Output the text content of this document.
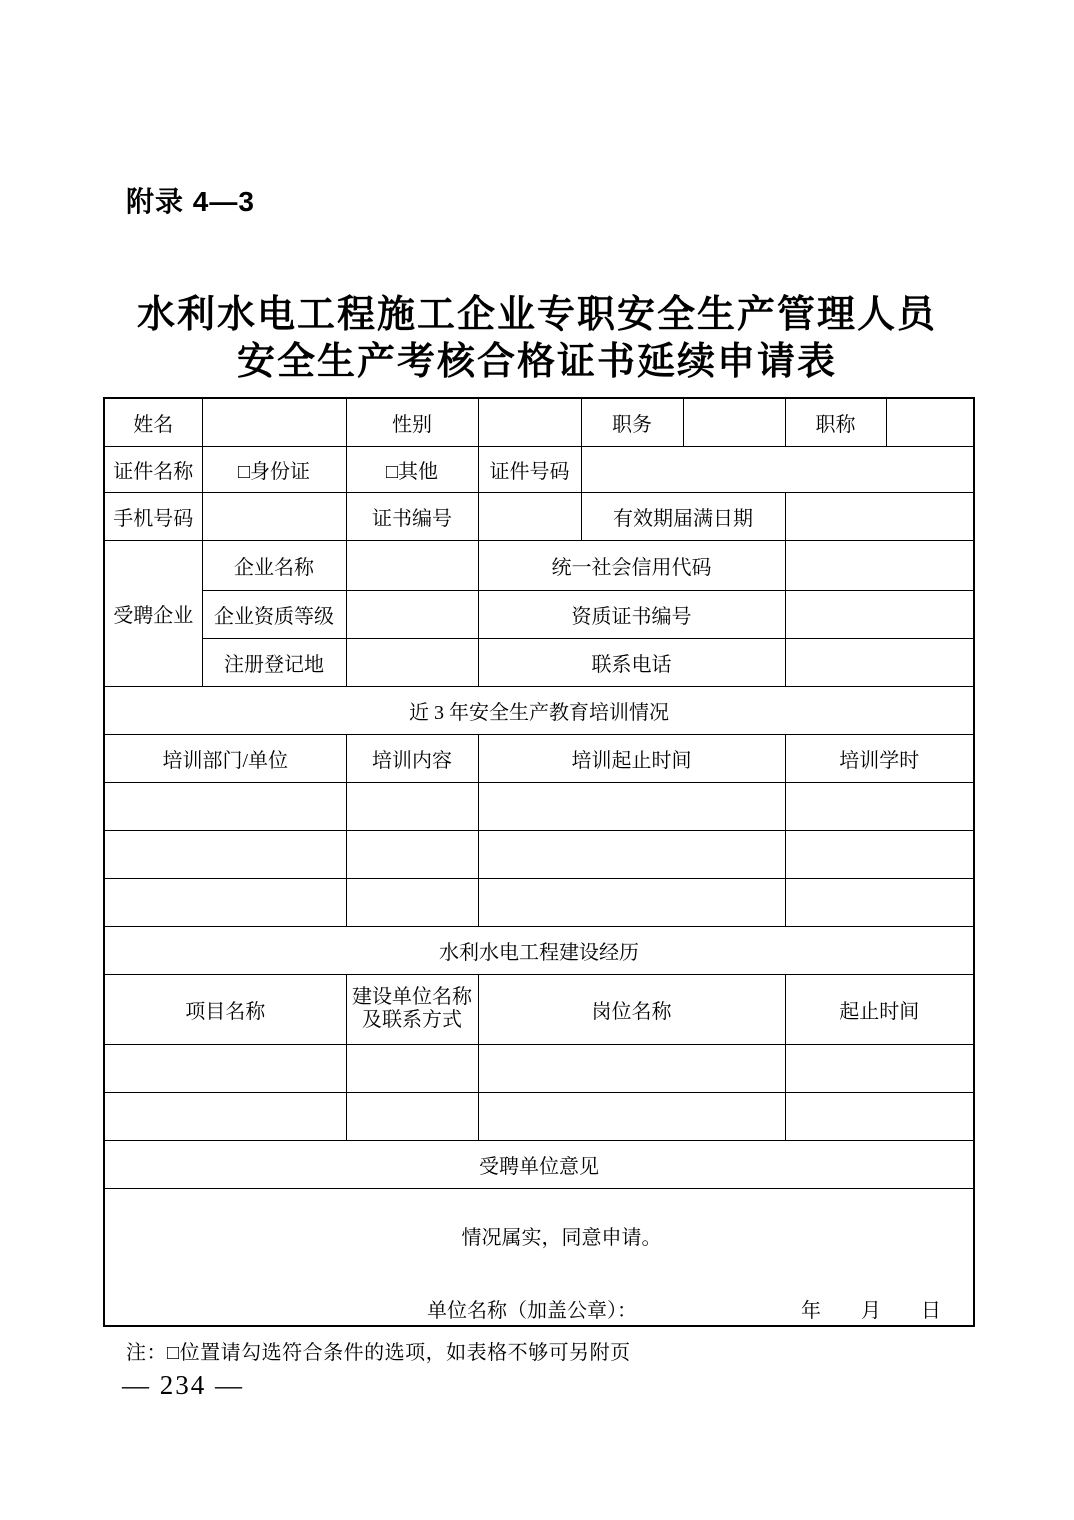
附录 4—3
水利水电工程施工企业专职安全生产管理人员
安全生产考核合格证书延续申请表
姓名		性别		职务		职称	
证件名称	□身份证	□其他	证件号码				
手机号码		证书编号		有效期届满日期			
受聘企业	企业名称		统一社会信用代码				
	企业资质等级		资质证书编号				
	注册登记地		联系电话				
近 3 年安全生产教育培训情况							
培训部门/单位		培训内容	培训起止时间			培训学时	

水利水电工程建设经历							
项目名称		建设单位名称及联系方式	岗位名称			起止时间	

受聘单位意见							

情况属实，同意申请。
单位名称（加盖公章）： 年 月 日							
注：□位置请勾选符合条件的选项，如表格不够可另附页
— 234 —
